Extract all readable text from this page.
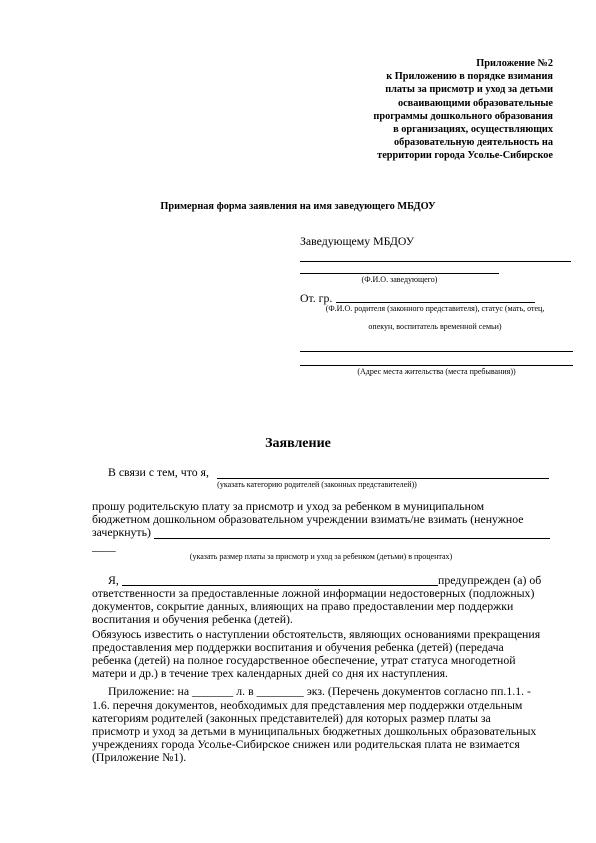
Приложение №2
к Приложению в порядке взимания
платы за присмотр и уход за детьми
осваивающими образовательные
программы дошкольного образования
в организациях, осуществляющих
образовательную деятельность на
территории города Усолье-Сибирское
Примерная форма заявления на имя заведующего МБДОУ
Заведующему МБДОУ
(Ф.И.О. заведующего)
От. гр.
(Ф.И.О. родителя (законного представителя), статус (мать, отец,
опекун, воспитатель временной семьи)
(Адрес места жительства (места пребывания))
Заявление
В связи с тем, что я,
(указать категорию родителей (законных представителей))
прошу родительскую плату за присмотр и уход за ребенком в муниципальном
бюджетном дошкольном образовательном учреждении взимать/не взимать (ненужное
зачеркнуть)
____
(указать размер платы за присмотр и уход за ребенком (детьми) в процентах)
Я,	предупрежден (а) об
ответственности за предоставленные ложной информации недостоверных (подложных)
документов, сокрытие данных, влияющих на право предоставлении мер поддержки
воспитания и обучения ребенка (детей).
Обязуюсь известить о наступлении обстоятельств, являющих основаниями прекращения
предоставления мер поддержки воспитания и обучения ребенка (детей) (передача
ребенка (детей) на полное государственное обеспечение, утрат статуса многодетной
матери и др.) в течение трех календарных дней со дня их наступления.
Приложение: на _______ л. в ________ экз. (Перечень документов согласно пп.1.1. -
1.6. перечня документов, необходимых для представления мер поддержки отдельным
категориям родителей (законных представителей) для которых размер платы за
присмотр и уход за детьми в муниципальных бюджетных дошкольных образовательных
учреждениях города Усолье-Сибирское снижен или родительская плата не взимается
(Приложение №1).
